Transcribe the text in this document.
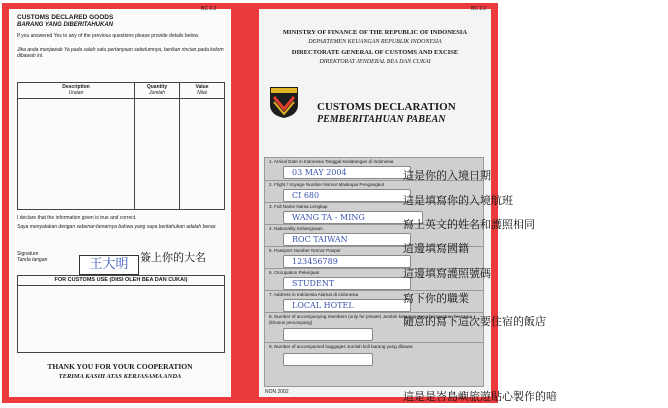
BC 2.2
CUSTOMS DECLARED GOODS
BARANG YANG DIBERITAHUKAN
If you answered Yes to any of the previous questions please provide details below.
Jika anda menjawab Ya pada salah satu pertanyaan sebelumnya, berikan rincian pada kolom dibawah ini.
Description
Uraian
Quantity
Jumlah
Value
Nilai
I declare that the information given is true and correct.
Saya menyatakan dengan sebenar-benarnya bahwa yang saya beritahukan adalah benar.
Signature
Tanda tangan	王大明
FOR CUSTOMS USE (DIISI OLEH BEA DAN CUKAI)
THANK YOU FOR YOUR COOPERATION
TERIMA KASIH ATAS KERJASAMA ANDA
BC 2.2
MINISTRY OF FINANCE OF THE REPUBLIC OF INDONESIA
DEPARTEMEN KEUANGAN REPUBLIK INDONESIA
DIRECTORATE GENERAL OF CUSTOMS AND EXCISE
DIREKTORAT JENDERAL BEA DAN CUKAI
CUSTOMS DECLARATION
PEMBERITAHUAN PABEAN
1. Arrival Date in Indonesia Tanggal Kedatangan di Indonesia
03 MAY 2004
2. Flight / Voyage Number Nomor Maskapai Pengangkut
CI 680
3. Full Name Nama Lengkap
WANG TA - MING
4. Nationality Kebangsaan
ROC TAIWAN
5. Passport Number Nomor Paspor
123456789
6. Occupation Pekerjaan
STUDENT
7. Address in Indonesia Alamat di Indonesia
LOCAL HOTEL
8. Number of accompanying members (only for private) Jumlah keluarga yang bersangkan bersama (khusus penumpang)
9. Number of accompanied baggages Jumlah koli barang yang dibawa
NON 2002
這是你的入境日期
這是填寫你的入境航班
寫上英文的姓名和護照相同
這邊填寫國籍
這邊填寫護照號碼
寫下你的職業
隨意的寫下這次要住宿的飯店
簽上你的大名
這是是峇島嶼旅遊貼心製作的喑
